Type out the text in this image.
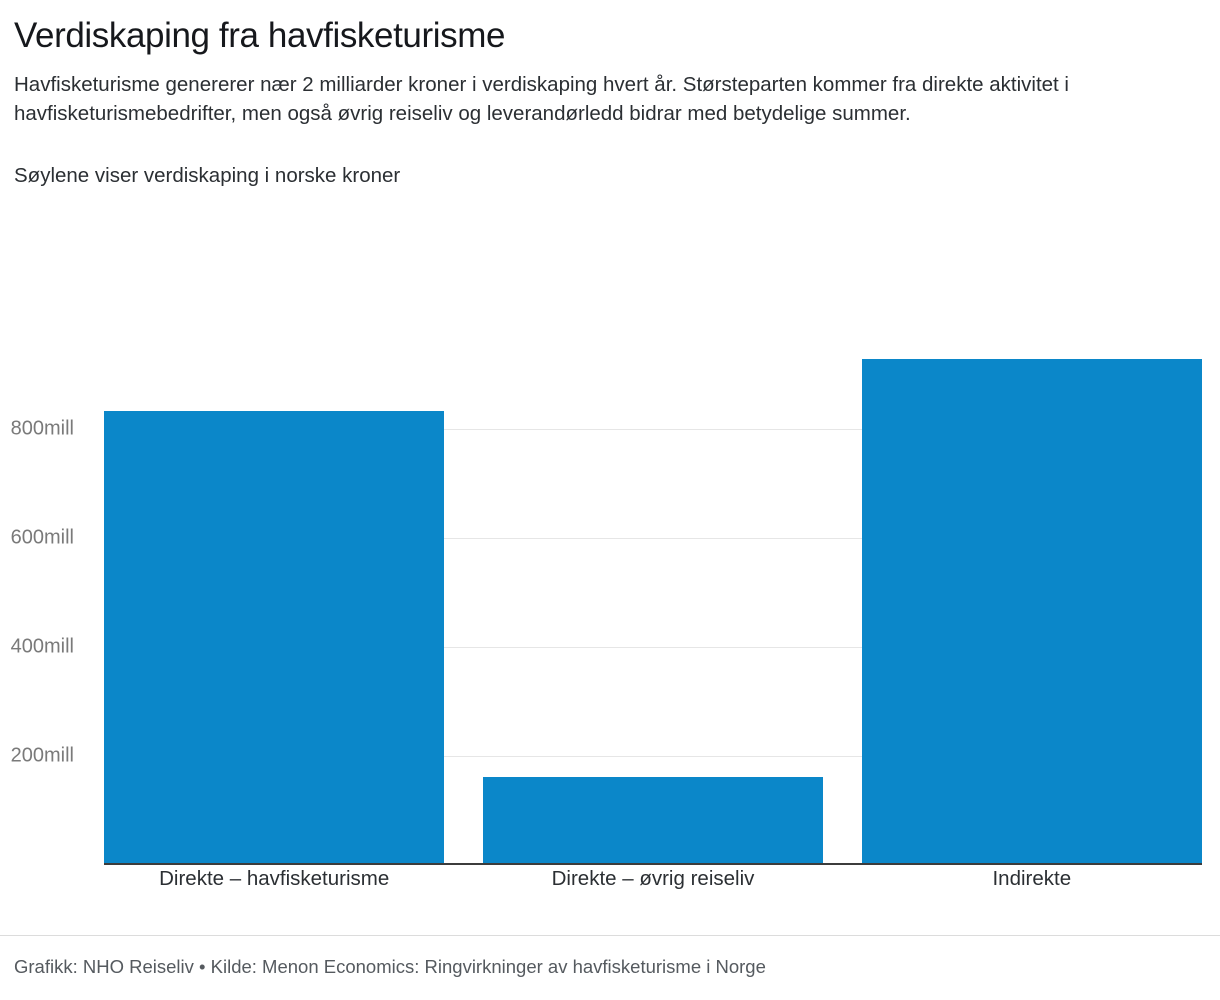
Verdiskaping fra havfisketurisme

Havfisketurisme genererer nær 2 milliarder kroner i verdiskaping hvert år. Størsteparten kommer fra direkte aktivitet i havfisketurismebedrifter, men også øvrig reiseliv og leverandørledd bidrar med betydelige summer.

Søylene viser verdiskaping i norske kroner

200mill
400mill
600mill
800mill
Direkte – havfisketurisme	Direkte – øvrig reiseliv	Indirekte
Grafikk: NHO Reiseliv • Kilde: Menon Economics: Ringvirkninger av havfisketurisme i Norge
